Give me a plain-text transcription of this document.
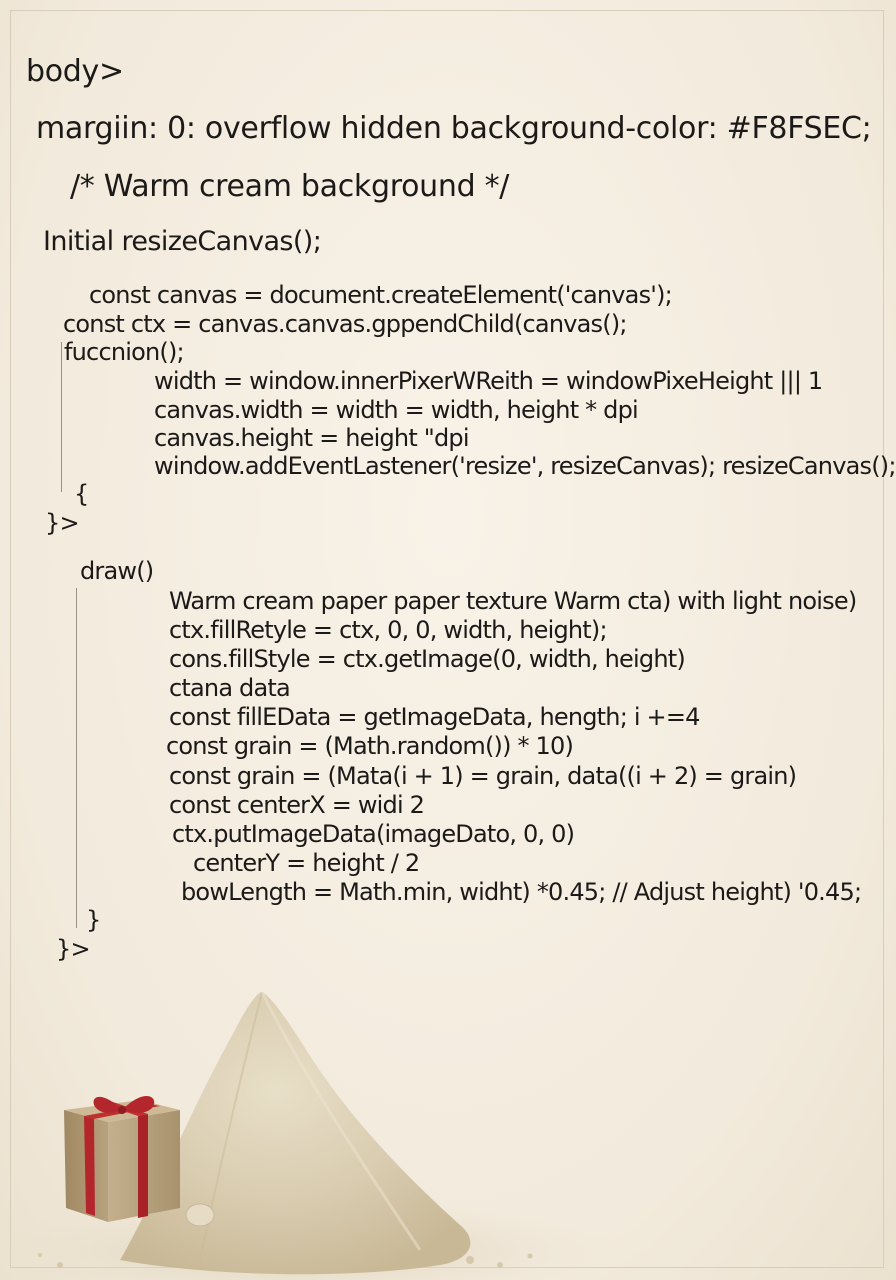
body>
margiin: 0: overflow hidden background-color: #F8FSEC;
/* Warm cream background */
Initial resizeCanvas();
const canvas = document.createElement('canvas');
const ctx = canvas.canvas.gppendChild(canvas();
fuccnion();
width = window.innerPixerWReith = windowPixeHeight ||| 1
canvas.width = width = width, height * dpi
canvas.height = height "dpi
window.addEventLastener('resize', resizeCanvas); resizeCanvas();
{
}>
draw()
Warm cream paper paper texture Warm cta) with light noise)
ctx.fillRetyle = ctx, 0, 0, width, height);
cons.fillStyle = ctx.getImage(0, width, height)
ctana data
const fillEData = getImageData, hength; i +=4
const grain = (Math.random()) * 10)
const grain = (Mata(i + 1) = grain, data((i + 2) = grain)
const centerX = widi 2
ctx.putImageData(imageDato, 0, 0)
centerY = height / 2
bowLength = Math.min, widht) *0.45; // Adjust height) '0.45;
}
}>
